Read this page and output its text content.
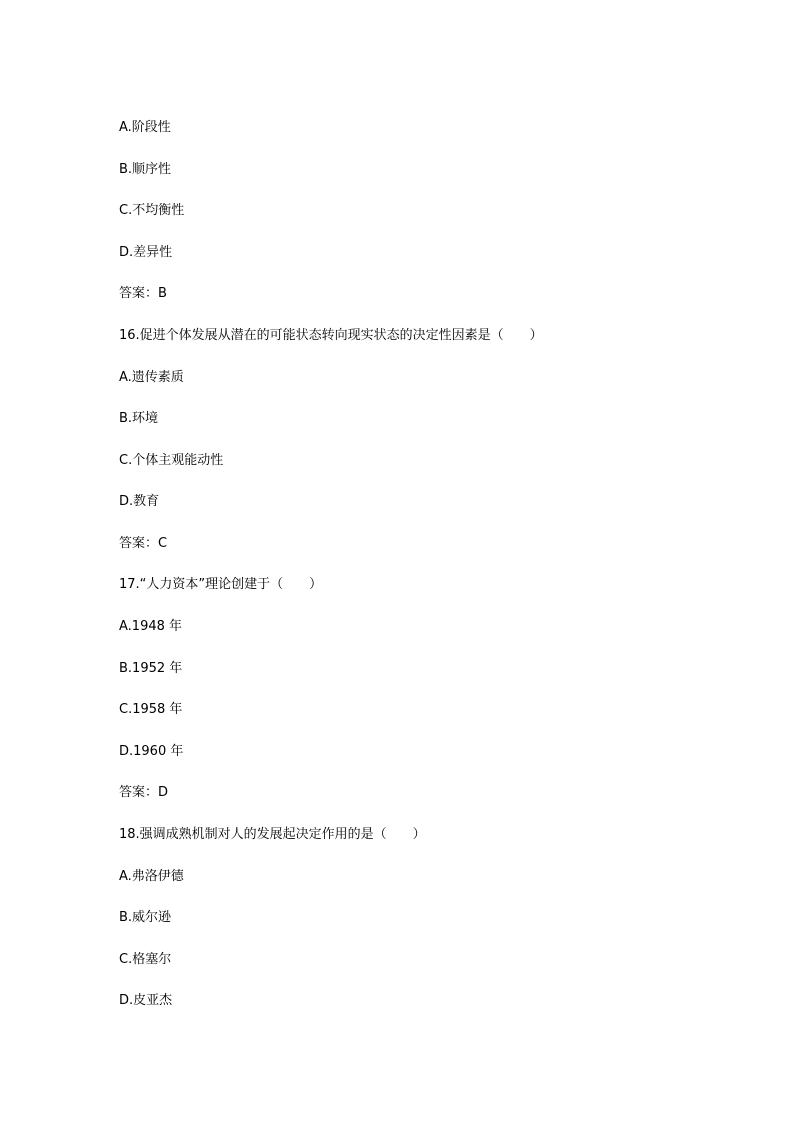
A.阶段性
B.顺序性
C.不均衡性
D.差异性
答案：B
16.促进个体发展从潜在的可能状态转向现实状态的决定性因素是（　　）
A.遗传素质
B.环境
C.个体主观能动性
D.教育
答案：C
17.“人力资本”理论创建于（　　）
A.1948 年
B.1952 年
C.1958 年
D.1960 年
答案：D
18.强调成熟机制对人的发展起决定作用的是（　　）
A.弗洛伊德
B.威尔逊
C.格塞尔
D.皮亚杰
